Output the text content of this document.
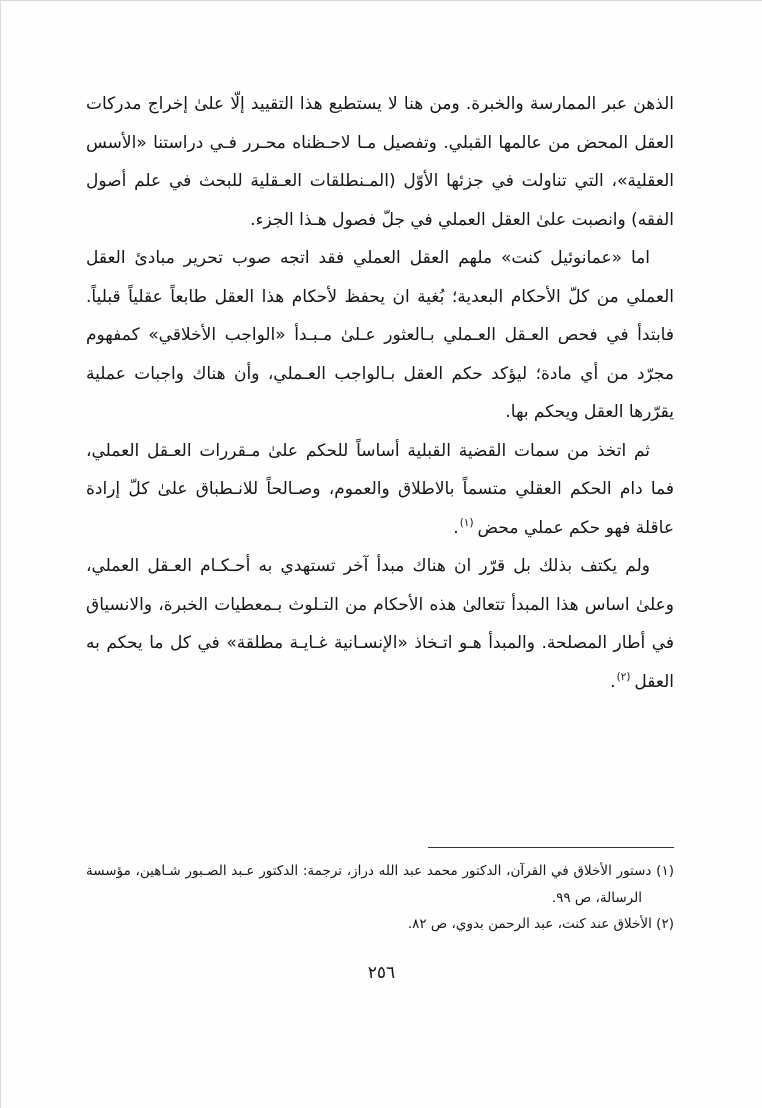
الذهن عبر الممارسة والخبرة. ومن هنا لا يستطيع هذا التقييد إلّا علىٰ إخراج مدركات العقل المحض من عالمها القبلي. وتفصيل مـا لاحـظناه محـرر فـي دراستنا «الأسس العقلية»، التي تناولت في جزئها الأوّل (المـنطلقات العـقلية للبحث في علم أصول الفقه) وانصبت علىٰ العقل العملي في جلّ فصول هـذا الجزء.

اما «عمانوئيل كنت» ملهم العقل العملي فقد اتجه صوب تحرير مبادئ العقل العملي من كلّ الأحكام البعدية؛ بُغية ان يحفظ لأحكام هذا العقل طابعاً عقلياً قبلياً. فابتدأ في فحص العـقل العـملي بـالعثور عـلىٰ مـبـدأ «الواجب الأخلاقي» كمفهوم مجرّد من أي مادة؛ ليؤكد حكم العقل بـالواجب العـملي، وأن هناك واجبات عملية يقرّرها العقل ويحكم بها.

ثم اتخذ من سمات القضية القبلية أساساً للحكم علىٰ مـقررات العـقل العملي، فما دام الحكم العقلي متسماً بالاطلاق والعموم، وصـالحاً للانـطباق علىٰ كلّ إرادة عاقلة فهو حكم عملي محض$^{(١)}$.

ولم يكتف بذلك بل قرّر ان هناك مبدأ آخر تستهدي به أحـكـام العـقل العملي، وعلىٰ اساس هذا المبدأ تتعالىٰ هذه الأحكام من التـلوث بـمعطيات الخبرة، والانسياق في أطار المصلحة. والمبدأ هـو اتـخاذ «الإنسـانية غـايـة مطلقة» في كل ما يحكم به العقل$^{(٢)}$.

(١) دستور الأخلاق في القرآن، الدكتور محمد عبد الله دراز، ترجمة: الدكتور عـبد الصـبور شـاهين، مؤسسة الرسالة، ص ٩٩.

(٢) الأخلاق عند كنت، عبد الرحمن بدوي، ص ٨٢.

٢٥٦
